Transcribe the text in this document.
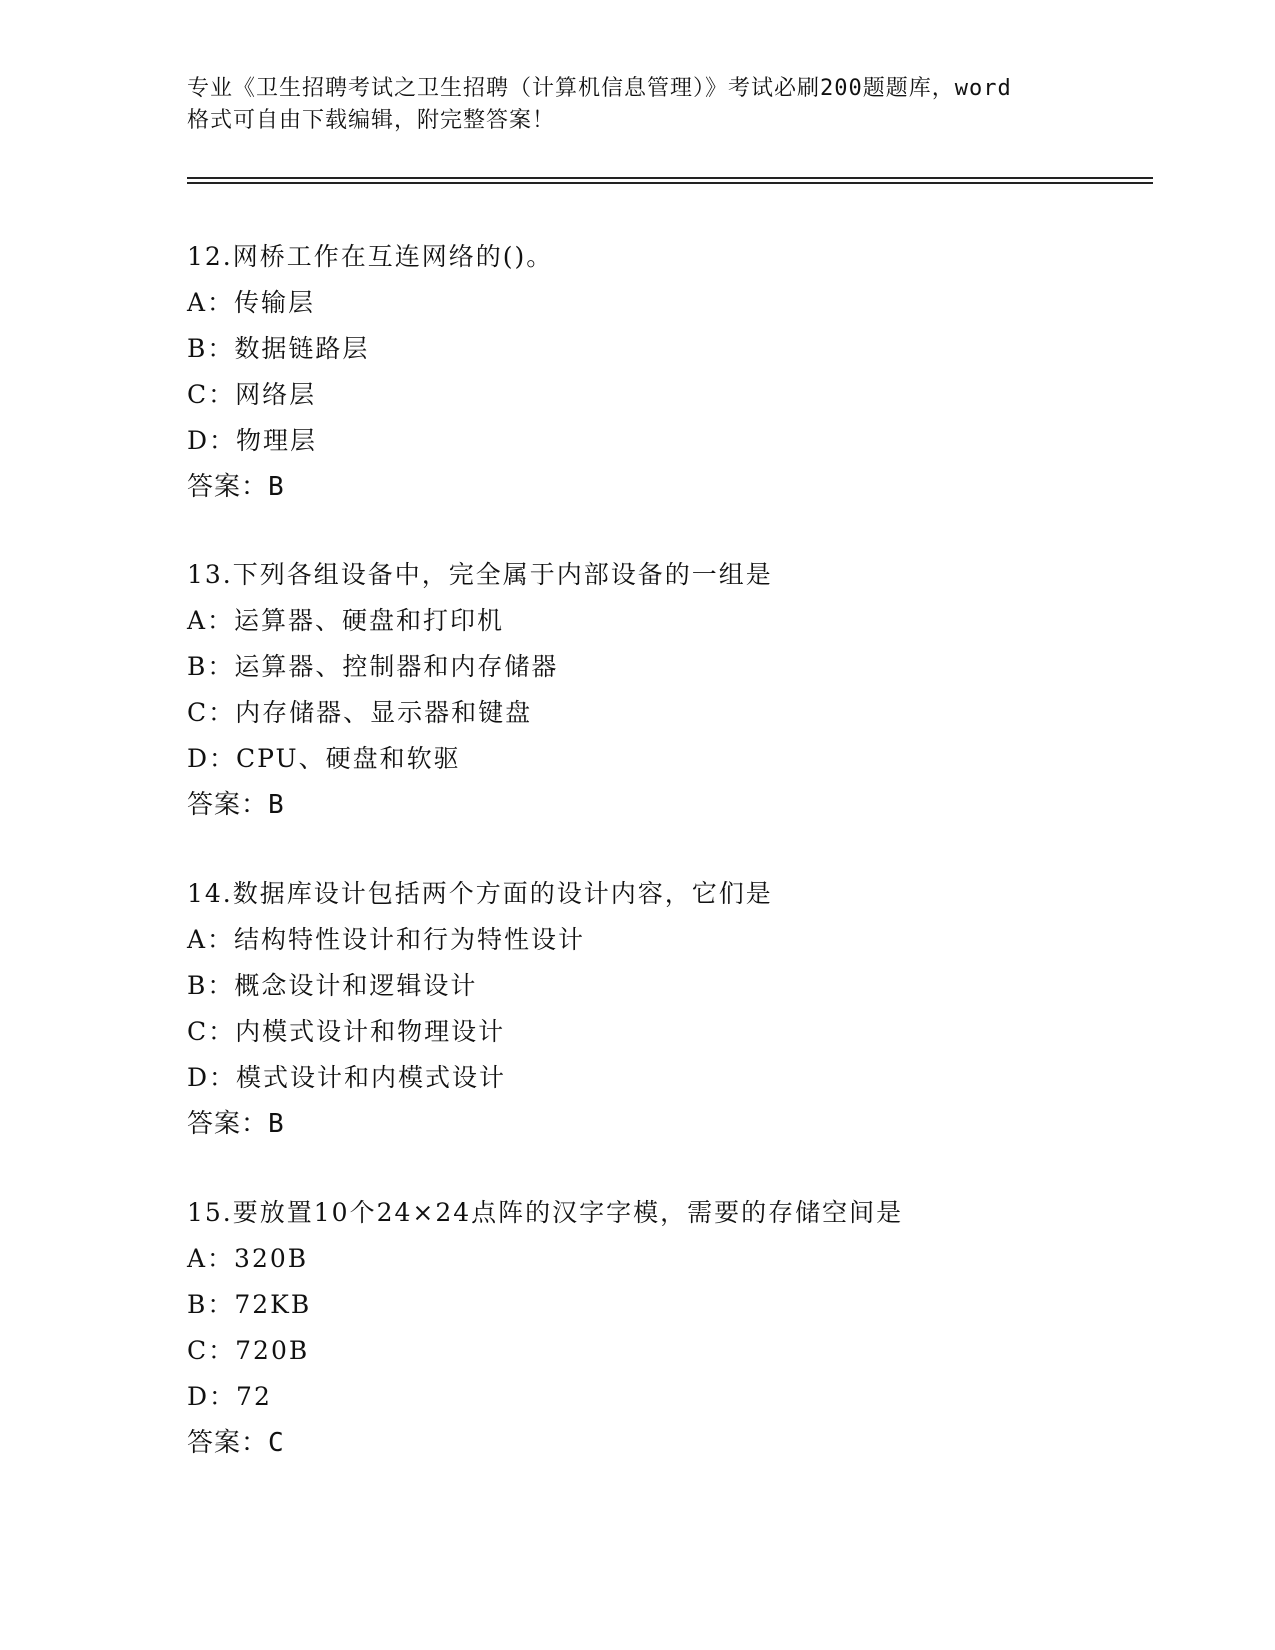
专业《卫生招聘考试之卫生招聘（计算机信息管理）》考试必刷200题题库，word

格式可自由下载编辑，附完整答案！

12.网桥工作在互连网络的()。
A：传输层
B：数据链路层
C：网络层
D：物理层
答案：B
13.下列各组设备中，完全属于内部设备的一组是
A：运算器、硬盘和打印机
B：运算器、控制器和内存储器
C：内存储器、显示器和键盘
D：CPU、硬盘和软驱
答案：B
14.数据库设计包括两个方面的设计内容，它们是
A：结构特性设计和行为特性设计
B：概念设计和逻辑设计
C：内模式设计和物理设计
D：模式设计和内模式设计
答案：B
15.要放置10个24×24点阵的汉字字模，需要的存储空间是
A：320B
B：72KB
C：720B
D：72
答案：C
